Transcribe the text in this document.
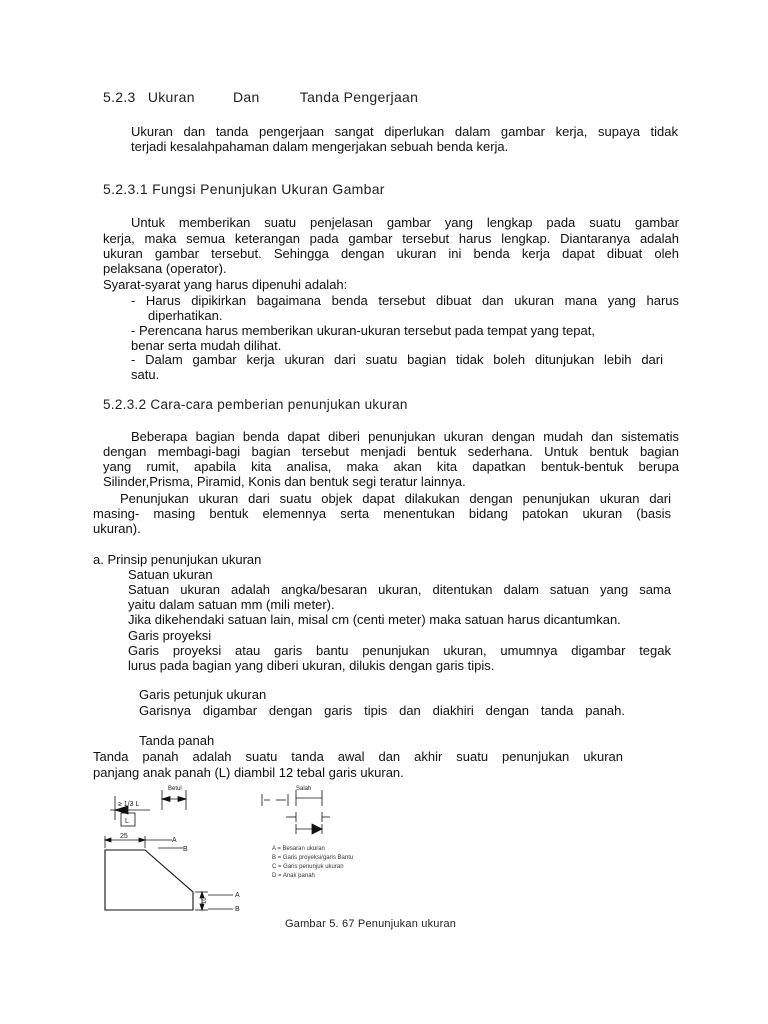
5.2.3 Ukuran	Dan	Tanda Pengerjaan
Ukuran dan tanda pengerjaan sangat diperlukan dalam gambar kerja, supaya tidak
terjadi kesalahpahaman dalam mengerjakan sebuah benda kerja.
5.2.3.1 Fungsi Penunjukan Ukuran Gambar
Untuk memberikan suatu penjelasan gambar yang lengkap pada suatu gambar
kerja, maka semua keterangan pada gambar tersebut harus lengkap. Diantaranya adalah
ukuran gambar tersebut. Sehingga dengan ukuran ini benda kerja dapat dibuat oleh
pelaksana (operator).
Syarat-syarat yang harus dipenuhi adalah:
- Harus dipikirkan bagaimana benda tersebut dibuat dan ukuran mana yang harus
diperhatikan.
- Perencana harus memberikan ukuran-ukuran tersebut pada tempat yang tepat,
benar serta mudah dilihat.
- Dalam gambar kerja ukuran dari suatu bagian tidak boleh ditunjukan lebih dari
satu.
5.2.3.2 Cara-cara pemberian penunjukan ukuran
Beberapa bagian benda dapat diberi penunjukan ukuran dengan mudah dan sistematis
dengan membagi-bagi bagian tersebut menjadi bentuk sederhana. Untuk bentuk bagian
yang rumit, apabila kita analisa, maka akan kita dapatkan bentuk-bentuk berupa
Silinder,Prisma, Piramid, Konis dan bentuk segi teratur lainnya.
Penunjukan ukuran dari suatu objek dapat dilakukan dengan penunjukan ukuran dari
masing- masing bentuk elemennya serta menentukan bidang patokan ukuran (basis
ukuran).
a. Prinsip penunjukan ukuran
Satuan ukuran
Satuan ukuran adalah angka/besaran ukuran, ditentukan dalam satuan yang sama
yaitu dalam satuan mm (mili meter).
Jika dikehendaki satuan lain, misal cm (centi meter) maka satuan harus dicantumkan.
Garis proyeksi
Garis proyeksi atau garis bantu penunjukan ukuran, umumnya digambar tegak
lurus pada bagian yang diberi ukuran, dilukis dengan garis tipis.
Garis petunjuk ukuran
Garisnya digambar dengan garis tipis dan diakhiri dengan tanda panah.
Tanda panah
Tanda panah adalah suatu tanda awal dan akhir suatu penunjukan ukuran
panjang anak panah (L) diambil 12 tebal garis ukuran.
≥ 1/3 L
L
Betul	Salah
25
10
A
B
A
B
A = Besaran ukuran
B = Garis proyeksi/garis Bantu
C = Garis penunjuk ukuran
D = Anak panah
Gambar 5. 67 Penunjukan ukuran
